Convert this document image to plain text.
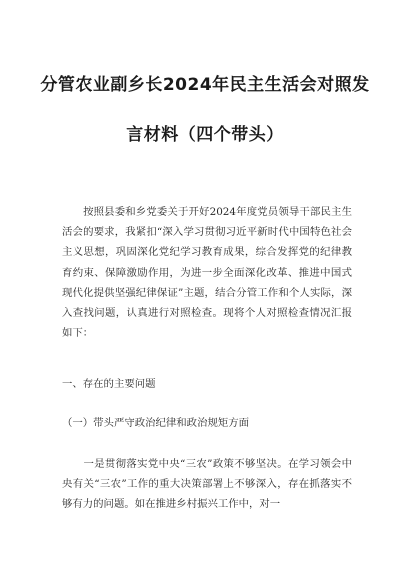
分管农业副乡长2024年民主生活会对照发
言材料（四个带头）
　　按照县委和乡党委关于开好2024年度党员领导干部民主生活会的要求，我紧扣“深入学习贯彻习近平新时代中国特色社会主义思想，巩固深化党纪学习教育成果，综合发挥党的纪律教育约束、保障激励作用，为进一步全面深化改革、推进中国式现代化提供坚强纪律保证”主题，结合分管工作和个人实际，深入查找问题，认真进行对照检查。现将个人对照检查情况汇报如下：
一、存在的主要问题
（一）带头严守政治纪律和政治规矩方面
　　一是贯彻落实党中央“三农”政策不够坚决。在学习领会中央有关“三农”工作的重大决策部署上不够深入，存在抓落实不够有力的问题。如在推进乡村振兴工作中，对一
